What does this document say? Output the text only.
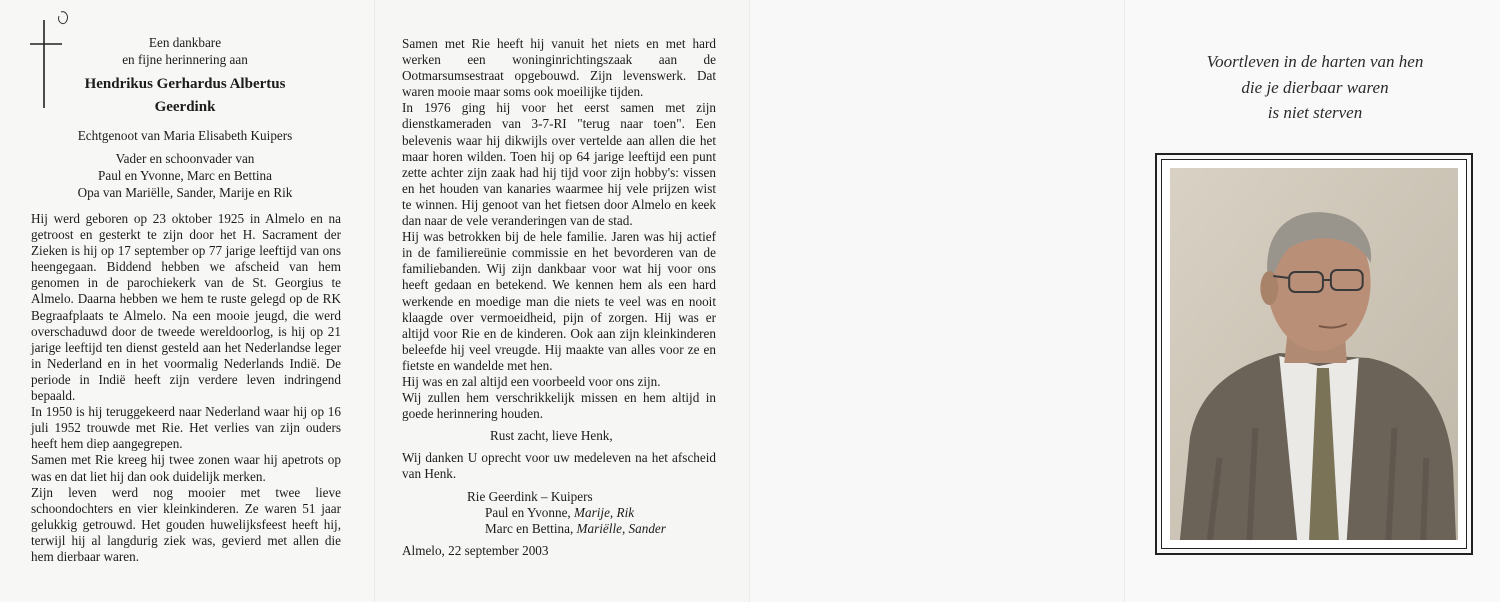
Een dankbare
en fijne herinnering aan
Hendrikus Gerhardus Albertus
Geerdink
Echtgenoot van Maria Elisabeth Kuipers
Vader en schoonvader van
Paul en Yvonne, Marc en Bettina
Opa van Mariëlle, Sander, Marije en Rik

Hij werd geboren op 23 oktober 1925 in Almelo en na getroost en gesterkt te zijn door het H. Sacrament der Zieken is hij op 17 september op 77 jarige leeftijd van ons heengegaan. Biddend hebben we afscheid van hem genomen in de parochiekerk van de St. Georgius te Almelo. Daarna hebben we hem te ruste gelegd op de RK Begraafplaats te Almelo. Na een mooie jeugd, die werd overschaduwd door de tweede wereldoorlog, is hij op 21 jarige leeftijd ten dienst gesteld aan het Nederlandse leger in Nederland en in het voormalig Nederlands Indië. De periode in Indië heeft zijn verdere leven indringend bepaald.

In 1950 is hij teruggekeerd naar Nederland waar hij op 16 juli 1952 trouwde met Rie. Het verlies van zijn ouders heeft hem diep aangegrepen.

Samen met Rie kreeg hij twee zonen waar hij apetrots op was en dat liet hij dan ook duidelijk merken.

Zijn leven werd nog mooier met twee lieve schoondochters en vier kleinkinderen. Ze waren 51 jaar gelukkig getrouwd. Het gouden huwelijksfeest heeft hij, terwijl hij al langdurig ziek was, gevierd met allen die hem dierbaar waren.

Samen met Rie heeft hij vanuit het niets en met hard werken een woninginrichtingszaak aan de Ootmarsumsestraat opgebouwd. Zijn levenswerk. Dat waren mooie maar soms ook moeilijke tijden.

In 1976 ging hij voor het eerst samen met zijn dienstkameraden van 3-7-RI "terug naar toen". Een belevenis waar hij dikwijls over vertelde aan allen die het maar horen wilden. Toen hij op 64 jarige leeftijd een punt zette achter zijn zaak had hij tijd voor zijn hobby's: vissen en het houden van kanaries waarmee hij vele prijzen wist te winnen. Hij genoot van het fietsen door Almelo en keek dan naar de vele veranderingen van de stad.

Hij was betrokken bij de hele familie. Jaren was hij actief in de familiereünie commissie en het bevorderen van de familiebanden. Wij zijn dankbaar voor wat hij voor ons heeft gedaan en betekend. We kennen hem als een hard werkende en moedige man die niets te veel was en nooit klaagde over vermoeidheid, pijn of zorgen. Hij was er altijd voor Rie en de kinderen. Ook aan zijn kleinkinderen beleefde hij veel vreugde. Hij maakte van alles voor ze en fietste en wandelde met hen.

Hij was en zal altijd een voorbeeld voor ons zijn.

Wij zullen hem verschrikkelijk missen en hem altijd in goede herinnering houden.

Rust zacht, lieve Henk,

Wij danken U oprecht voor uw medeleven na het afscheid van Henk.

Rie Geerdink – Kuipers

Paul en Yvonne, Marije, Rik

Marc en Bettina, Mariëlle, Sander

Almelo, 22 september 2003

Voortleven in de harten van hen
die je dierbaar waren
is niet sterven
